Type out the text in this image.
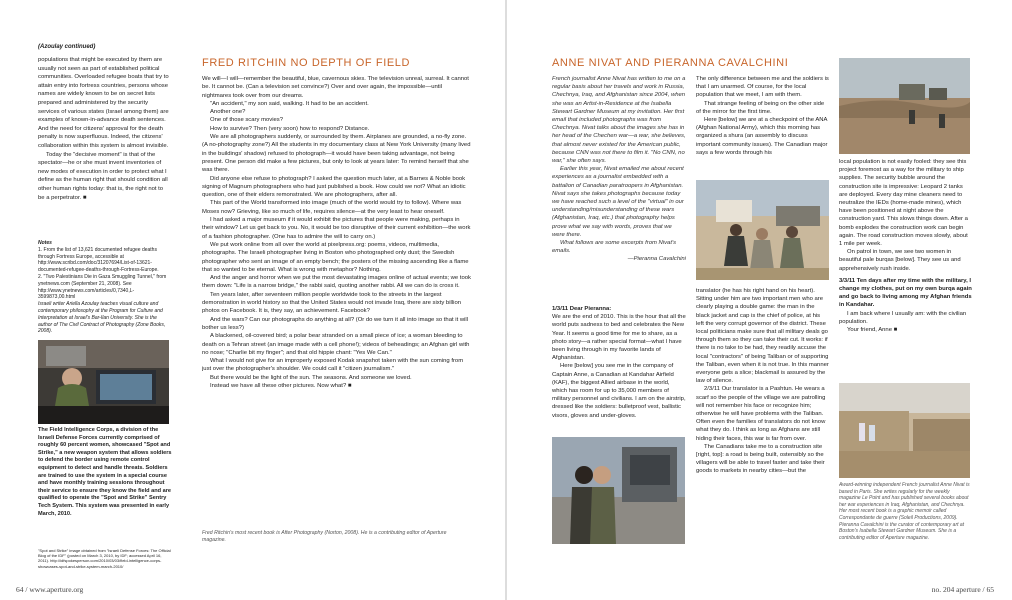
(Azoulay continued)

populations that might be executed by them are usually not seen as part of established political communities. Overloaded refugee boats that try to attain entry into fortress countries, persons whose names are widely known to be on secret lists prepared and administered by the security services of various states (Israel among them) are examples of known-in-advance death sentences. And the need for citizens' approval for the death penalty is now superfluous. Indeed, the citizens' collaboration within this system is almost invisible.

Today the "decisive moment" is that of the spectator—he or she must invent inventories of new modes of execution in order to protect what I define as the human right that should condition all other human rights today: that is, the right not to be a perpetrator. ■

Notes

1. From the list of 13,621 documented refugee deaths through Fortress Europe, accessible at http://www.scribd.com/doc/31207694/List-of-13621-documented-refugee-deaths-through-Fortress-Europe.

2. "Two Palestinians Die in Gaza Smuggling Tunnel," from ynetnews.com (September 21, 2008). See http://www.ynetnews.com/articles/0,7340,L-3599873,00.html

Israeli writer Ariella Azoulay teaches visual culture and contemporary philosophy at the Program for Culture and Interpretation at Israel's Bar-Ilan University. She is the author of The Civil Contract of Photography (Zone Books, 2008).

The Field Intelligence Corps, a division of the Israeli Defense Forces currently comprised of roughly 60 percent women, showcased "Spot and Strike," a new weapon system that allows soldiers to defend the border using remote control equipment to detect and handle threats. Soldiers are trained to use the system in a special course and have monthly training sessions throughout their service to ensure they know the field and are qualified to operate the "Spot and Strike" Sentry Tech System. This system was presented in early March, 2010.
"Spot and Strike" image obtained from "Israeli Defense Forces: The Official Blog of the IDF" (posted on March 3, 2010, by IDF; accessed April 16, 2011). http://idfspokesperson.com/2010/03/03/field-intelligence-corps-showcases-spot-and-strike-system-march-2010/
FRED RITCHIN NO DEPTH OF FIELD

We will—I will—remember the beautiful, blue, cavernous skies. The television unreal, surreal. It cannot be. It cannot be. (Can a television set convince?) Over and over again, the impossible—until nightmares took over from our dreams.

"An accident," my son said, walking. It had to be an accident.

Another one?

One of those scary movies?

How to survive? Then (very soon) how to respond? Distance.

We are all photographers suddenly, or surrounded by them. Airplanes are grounded, a no-fly zone. (A no-photography zone?) All the students in my documentary class at New York University (many lived in the buildings' shadow) refused to photograph—it would have been taking advantage, not being present. One person did make a few pictures, but only to look at years later: To remind herself that she was there.

Did anyone else refuse to photograph? I asked the question much later, at a Barnes & Noble book signing of Magnum photographers who had just published a book. How could we not? What an idiotic question, one of their elders remonstrated. We are photographers, after all.

This part of the World transformed into image (much of the world would try to follow). Where was Moses now? Grieving, like so much of life, requires silence—at the very least to hear oneself.

I had asked a major museum if it would exhibit the pictures that people were making, perhaps in their window? Let us get back to you. No, it would be too disruptive of their current exhibition—the work of a fashion photographer. (One has to admire the will to carry on.)

We put work online from all over the world at pixelpress.org: poems, videos, multimedia, photographs. The Israeli photographer living in Boston who photographed only dust; the Swedish photographer who sent an image of an empty bench; the posters of the missing ascending like a flame that so wanted to be eternal. What is wrong with metaphor? Nothing.

And the anger and horror when we put the most devastating images online of actual events; we took them down: "Life is a narrow bridge," the rabbi said, quoting another rabbi. All we can do is cross it.

Ten years later, after seventeen million people worldwide took to the streets in the largest demonstration in world history so that the United States would not invade Iraq, there are sixty billion photos on Facebook. It is, they say, an achievement. Facebook?

And the wars? Can our photographs do anything at all? (Or do we turn it all into image so that it will bother us less?)

A blackened, oil-covered bird; a polar bear stranded on a small piece of ice; a woman bleeding to death on a Tehran street (an image made with a cell phone!); videos of beheadings; an Afghan girl with no nose; "Charlie bit my finger"; and that old hippie chant: "Yes We Can."

What I would not give for an improperly exposed Kodak snapshot taken with the sun coming from just over the photographer's shoulder. We could call it "citizen journalism."

But there would be the light of the sun. The seasons. And someone we loved.

Instead we have all these other pictures. Now what? ■

Fred Ritchin's most recent book is After Photography (Norton, 2008). He is a contributing editor of Aperture magazine.
64 / www.aperture.org
ANNE NIVAT AND PIERANNA CAVALCHINI

French journalist Anne Nivat has written to me on a regular basis about her travels and work in Russia, Chechnya, Iraq, and Afghanistan since 2004, when she was an Artist-in-Residence at the Isabella Stewart Gardner Museum at my invitation. Her first email that included photographs was from Chechnya. Nivat talks about the images she has in her head of the Chechen war—a war, she believes, that almost never existed for the American public, because CNN was not there to film it. "No CNN, no war," she often says.

Earlier this year, Nivat emailed me about recent experiences as a journalist embedded with a battalion of Canadian paratroopers in Afghanistan. Nivat says she takes photographs because today we have reached such a level of the "virtual" in our understanding/misunderstanding of these wars (Afghanistan, Iraq, etc.) that photography helps prove what we say with words, proves that we were there.

What follows are some excerpts from Nivat's emails.

—Pieranna Cavalchini

1/3/11 Dear Pieranna:

We are the end of 2010. This is the hour that all the world puts sadness to bed and celebrates the New Year. It seems a good time for me to share, as a photo story—a rather special format—what I have been living through in my favorite lands of Afghanistan.

Here [below] you see me in the company of Captain Anne, a Canadian at Kandahar Airfield (KAF), the biggest Allied airbase in the world, which has room for up to 35,000 members of military personnel and civilians. I am on the airstrip, dressed like the soldiers: bulletproof vest, ballistic visors, gloves and under-gloves.

The only difference between me and the soldiers is that I am unarmed. Of course, for the local population that we meet, I am with them.

That strange feeling of being on the other side of the mirror for the first time.

Here [below] we are at a checkpoint of the ANA (Afghan National Army), which this morning has organized a shura (an assembly to discuss important community issues). The Canadian major says a few words through his

translator (he has his right hand on his heart). Sitting under him are two important men who are clearly playing a double game: the man in the black jacket and cap is the chief of police, at his left the very corrupt governor of the district. These local politicians make sure that all military deals go through them so they can take their cut. It works: if there is no take to be had, they readily accuse the local "contractors" of being Taliban or of supporting the Taliban, even when it is not true. In this manner everyone gets a slice; blackmail is assured by the law of silence.

2/3/11 Our translator is a Pashtun. He wears a scarf so the people of the village we are patrolling will not remember his face or recognize him; otherwise he will have problems with the Taliban. Often even the families of translators do not know what they do. I think as long as Afghans are still hiding their faces, this war is far from over.

The Canadians take me to a construction site [right, top]: a road is being built, ostensibly so the villagers will be able to travel faster and take their goods to markets in nearby cities—but the

local population is not easily fooled: they see this project foremost as a way for the military to ship supplies. The security bubble around the construction site is impressive: Leopard 2 tanks are deployed. Every day mine cleaners need to neutralize the IEDs (home-made mines), which have been positioned at night above the construction yard. This slows things down. After a bomb explodes the construction work can begin again. The road construction moves slowly, about 1 mile per week.

On patrol in town, we see two women in beautiful pale burqas [below]. They see us and apprehensively rush inside.

3/3/11 Ten days after my time with the military, I change my clothes, put on my own burqa again and go back to living among my Afghan friends in Kandahar.

I am back where I usually am: with the civilian population.

Your friend, Anne ■

Award-winning independent French journalist Anne Nivat is based in Paris. She writes regularly for the weekly magazine Le Point and has published several books about her war experiences in Iraq, Afghanistan, and Chechnya. Her most recent book is a graphic memoir called Correspondante de guerre (Soleil Productions, 2009). Pieranna Cavalchini is the curator of contemporary art at Boston's Isabella Stewart Gardner Museum. She is a contributing editor of Aperture magazine.
no. 204 aperture / 65
